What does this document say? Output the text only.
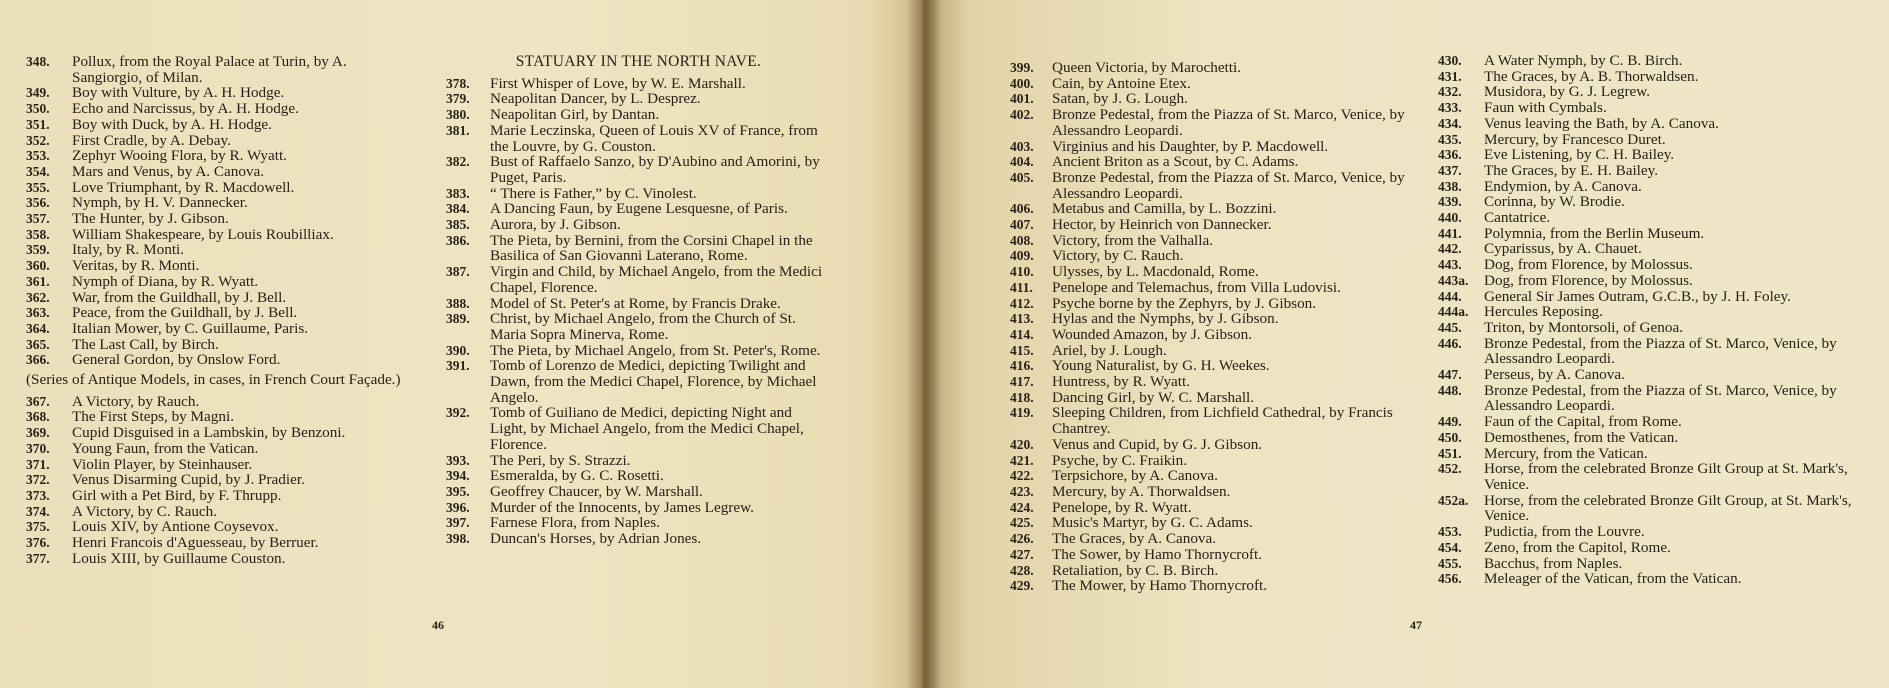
348.	Pollux, from the Royal Palace at Turin, by A. Sangiorgio, of Milan.
349.	Boy with Vulture, by A. H. Hodge.
350.	Echo and Narcissus, by A. H. Hodge.
351.	Boy with Duck, by A. H. Hodge.
352.	First Cradle, by A. Debay.
353.	Zephyr Wooing Flora, by R. Wyatt.
354.	Mars and Venus, by A. Canova.
355.	Love Triumphant, by R. Macdowell.
356.	Nymph, by H. V. Dannecker.
357.	The Hunter, by J. Gibson.
358.	William Shakespeare, by Louis Roubilliax.
359.	Italy, by R. Monti.
360.	Veritas, by R. Monti.
361.	Nymph of Diana, by R. Wyatt.
362.	War, from the Guildhall, by J. Bell.
363.	Peace, from the Guildhall, by J. Bell.
364.	Italian Mower, by C. Guillaume, Paris.
365.	The Last Call, by Birch.
366.	General Gordon, by Onslow Ford.
(Series of Antique Models, in cases, in French Court Façade.)
367.	A Victory, by Rauch.
368.	The First Steps, by Magni.
369.	Cupid Disguised in a Lambskin, by Benzoni.
370.	Young Faun, from the Vatican.
371.	Violin Player, by Steinhauser.
372.	Venus Disarming Cupid, by J. Pradier.
373.	Girl with a Pet Bird, by F. Thrupp.
374.	A Victory, by C. Rauch.
375.	Louis XIV, by Antione Coysevox.
376.	Henri Francois d'Aguesseau, by Berruer.
377.	Louis XIII, by Guillaume Couston.
STATUARY IN THE NORTH NAVE.
378.	First Whisper of Love, by W. E. Marshall.
379.	Neapolitan Dancer, by L. Desprez.
380.	Neapolitan Girl, by Dantan.
381.	Marie Leczinska, Queen of Louis XV of France, from the Louvre, by G. Couston.
382.	Bust of Raffaelo Sanzo, by D'Aubino and Amorini, by Puget, Paris.
383.	“ There is Father,” by C. Vinolest.
384.	A Dancing Faun, by Eugene Lesquesne, of Paris.
385.	Aurora, by J. Gibson.
386.	The Pieta, by Bernini, from the Corsini Chapel in the Basilica of San Giovanni Laterano, Rome.
387.	Virgin and Child, by Michael Angelo, from the Medici Chapel, Florence.
388.	Model of St. Peter's at Rome, by Francis Drake.
389.	Christ, by Michael Angelo, from the Church of St. Maria Sopra Minerva, Rome.
390.	The Pieta, by Michael Angelo, from St. Peter's, Rome.
391.	Tomb of Lorenzo de Medici, depicting Twilight and Dawn, from the Medici Chapel, Florence, by Michael Angelo.
392.	Tomb of Guiliano de Medici, depicting Night and Light, by Michael Angelo, from the Medici Chapel, Florence.
393.	The Peri, by S. Strazzi.
394.	Esmeralda, by G. C. Rosetti.
395.	Geoffrey Chaucer, by W. Marshall.
396.	Murder of the Innocents, by James Legrew.
397.	Farnese Flora, from Naples.
398.	Duncan's Horses, by Adrian Jones.
46	47
399.	Queen Victoria, by Marochetti.
400.	Cain, by Antoine Etex.
401.	Satan, by J. G. Lough.
402.	Bronze Pedestal, from the Piazza of St. Marco, Venice, by Alessandro Leopardi.
403.	Virginius and his Daughter, by P. Macdowell.
404.	Ancient Briton as a Scout, by C. Adams.
405.	Bronze Pedestal, from the Piazza of St. Marco, Venice, by Alessandro Leopardi.
406.	Metabus and Camilla, by L. Bozzini.
407.	Hector, by Heinrich von Dannecker.
408.	Victory, from the Valhalla.
409.	Victory, by C. Rauch.
410.	Ulysses, by L. Macdonald, Rome.
411.	Penelope and Telemachus, from Villa Ludovisi.
412.	Psyche borne by the Zephyrs, by J. Gibson.
413.	Hylas and the Nymphs, by J. Gibson.
414.	Wounded Amazon, by J. Gibson.
415.	Ariel, by J. Lough.
416.	Young Naturalist, by G. H. Weekes.
417.	Huntress, by R. Wyatt.
418.	Dancing Girl, by W. C. Marshall.
419.	Sleeping Children, from Lichfield Cathedral, by Francis Chantrey.
420.	Venus and Cupid, by G. J. Gibson.
421.	Psyche, by C. Fraikin.
422.	Terpsichore, by A. Canova.
423.	Mercury, by A. Thorwaldsen.
424.	Penelope, by R. Wyatt.
425.	Music's Martyr, by G. C. Adams.
426.	The Graces, by A. Canova.
427.	The Sower, by Hamo Thornycroft.
428.	Retaliation, by C. B. Birch.
429.	The Mower, by Hamo Thornycroft.
430.	A Water Nymph, by C. B. Birch.
431.	The Graces, by A. B. Thorwaldsen.
432.	Musidora, by G. J. Legrew.
433.	Faun with Cymbals.
434.	Venus leaving the Bath, by A. Canova.
435.	Mercury, by Francesco Duret.
436.	Eve Listening, by C. H. Bailey.
437.	The Graces, by E. H. Bailey.
438.	Endymion, by A. Canova.
439.	Corinna, by W. Brodie.
440.	Cantatrice.
441.	Polymnia, from the Berlin Museum.
442.	Cyparissus, by A. Chauet.
443.	Dog, from Florence, by Molossus.
443a.	Dog, from Florence, by Molossus.
444.	General Sir James Outram, G.C.B., by J. H. Foley.
444a.	Hercules Reposing.
445.	Triton, by Montorsoli, of Genoa.
446.	Bronze Pedestal, from the Piazza of St. Marco, Venice, by Alessandro Leopardi.
447.	Perseus, by A. Canova.
448.	Bronze Pedestal, from the Piazza of St. Marco, Venice, by Alessandro Leopardi.
449.	Faun of the Capital, from Rome.
450.	Demosthenes, from the Vatican.
451.	Mercury, from the Vatican.
452.	Horse, from the celebrated Bronze Gilt Group at St. Mark's, Venice.
452a.	Horse, from the celebrated Bronze Gilt Group, at St. Mark's, Venice.
453.	Pudictia, from the Louvre.
454.	Zeno, from the Capitol, Rome.
455.	Bacchus, from Naples.
456.	Meleager of the Vatican, from the Vatican.
